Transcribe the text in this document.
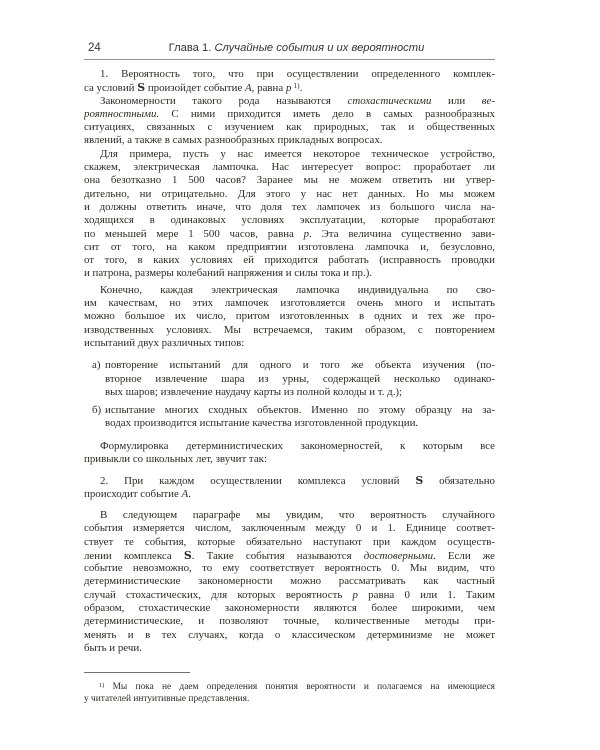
24	Глава 1. Случайные события и их вероятности
1. Вероятность того, что при осуществлении определенного комплек-
са условий S произойдет событие A, равна p $^{1)}$.
Закономерности такого рода называются стохастическими или ве-
роятностными. С ними приходится иметь дело в самых разнообразных
ситуациях, связанных с изучением как природных, так и общественных
явлений, а также в самых разнообразных прикладных вопросах.
Для примера, пусть у нас имеется некоторое техническое устройство,
скажем, электрическая лампочка. Нас интересует вопрос: проработает ли
она безотказно 1 500 часов? Заранее мы не можем ответить ни утвер-
дительно, ни отрицательно. Для этого у нас нет данных. Но мы можем
и должны ответить иначе, что доля тех лампочек из большого числа на-
ходящихся в одинаковых условиях эксплуатации, которые проработают
по меньшей мере 1 500 часов, равна p. Эта величина существенно зави-
сит от того, на каком предприятии изготовлена лампочка и, безусловно,
от того, в каких условиях ей приходится работать (исправность проводки
и патрона, размеры колебаний напряжения и силы тока и пр.).
Конечно, каждая электрическая лампочка индивидуальна по сво-
им качествам, но этих лампочек изготовляется очень много и испытать
можно большое их число, притом изготовленных в одних и тех же про-
изводственных условиях. Мы встречаемся, таким образом, с повторением
испытаний двух различных типов:
а) повторение испытаний для одного и того же объекта изучения (по-
вторное извлечение шара из урны, содержащей несколько одинако-
вых шаров; извлечение наудачу карты из полной колоды и т. д.);
б) испытание многих сходных объектов. Именно по этому образцу на за-
водах производится испытание качества изготовленной продукции.
Формулировка детерминистических закономерностей, к которым все
привыкли со школьных лет, звучит так:
2. При каждом осуществлении комплекса условий S обязательно
происходит событие A.
В следующем параграфе мы увидим, что вероятность случайного
события измеряется числом, заключенным между 0 и 1. Единице соответ-
ствует те события, которые обязательно наступают при каждом осуществ-
лении комплекса S. Такие события называются достоверными. Если же
событие невозможно, то ему соответствует вероятность 0. Мы видим, что
детерминистические закономерности можно рассматривать как частный
случай стохастических, для которых вероятность p равна 0 или 1. Таким
образом, стохастические закономерности являются более широкими, чем
детерминистические, и позволяют точные, количественные методы при-
менять и в тех случаях, когда о классическом детерминизме не может
быть и речи.
$^{1)}$ Мы пока не даем определения понятия вероятности и полагаемся на имеющиеся
у читателей интуитивные представления.
